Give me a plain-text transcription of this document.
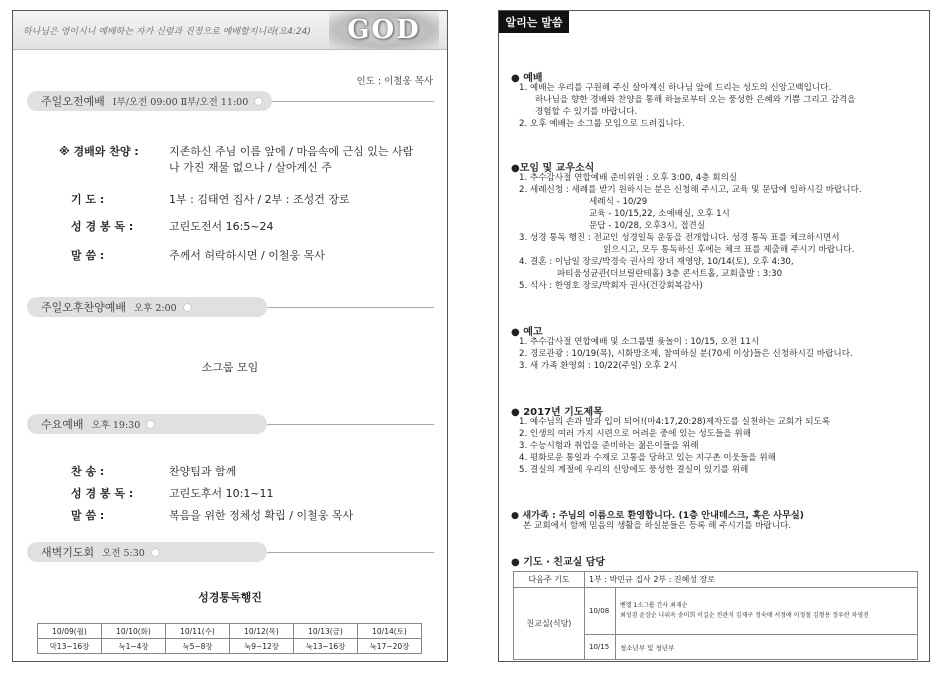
하나님은 영이시니 예배하는 자가 신령과 진정으로 예배할지니라(요4:24)	GOD
인도 : 이철웅 목사
주일오전예배 Ⅰ부/오전 09:00 Ⅱ부/오전 11:00
※ 경배와 찬양 :	지존하신 주님 이름 앞에 / 마음속에 근심 있는 사람
나 가진 재물 없으나 / 살아계신 주
기 도 :	1부 : 김태연 집사 / 2부 : 조성건 장로
성 경 봉 독 :	고린도전서 16:5~24
말 씀 :	주께서 허락하시면 / 이철웅 목사
주일오후찬양예배 오후 2:00
소그룹 모임
수요예배 오후 19:30
찬 송 :	찬양팀과 함께
성 경 봉 독 :	고린도후서 10:1~11
말 씀 :	복음을 위한 정체성 확립 / 이철웅 목사
새벽기도회 오전 5:30
성경통독행진
10/09(월)	10/10(화)	10/11(수)	10/12(목)	10/13(금)	10/14(토)
막13~16장	눅1~4장	눅5~8장	눅9~12장	눅13~16장	눅17~20장
알리는 말씀
● 예배
1. 예배는 우리를 구원해 주신 살아계신 하나님 앞에 드리는 성도의 신앙고백입니다.
하나님을 향한 경배와 찬양을 통해 하늘로부터 오는 풍성한 은혜와 기쁨 그리고 감격을
경험할 수 있기를 바랍니다.
2. 오후 예배는 소그룹 모임으로 드려집니다.
●모임 및 교우소식
1. 추수감사절 연합예배 준비위원 : 오후 3:00, 4층 회의실
2. 세례신청 : 세례를 받기 원하시는 분은 신청해 주시고, 교육 및 문답에 임하시길 바랍니다.
세례식 - 10/29
교육 - 10/15,22, 소예배실, 오후 1시
문답 - 10/28, 오후3시, 접견실
3. 성경 통독 행진 : 전교인 성경일독 운동을 전개합니다. 성경 통독 표를 체크하시면서
읽으시고, 모두 통독하신 후에는 체크 표를 제출해 주시기 바랍니다.
4. 결혼 : 이남일 장로/박경숙 권사의 장녀 재영양, 10/14(토), 오후 4:30,
파티움성균관(더브릴란테홀) 3층 콘서트홀, 교회출발 : 3:30
5. 식사 : 한영호 장로/박회자 권사(건강회복감사)
● 예고
1. 추수감사절 연합예배 및 소그룹별 윷놀이 : 10/15, 오전 11시
2. 경로관광 : 10/19(목), 시화방조제, 참여하실 분(70세 이상)들은 신청하시길 바랍니다.
3. 새 가족 환영회 : 10/22(주일) 오후 2시
● 2017년 기도제목
1. 예수님의 손과 발과 입이 되어!(마4:17,20:28)제자도를 실천하는 교회가 되도록
2. 인생의 여러 가지 시련으로 어려운 중에 있는 성도들을 위해
3. 수능시험과 취업을 준비하는 젊은이들을 위해
4. 평화로운 통일과 수재로 고통을 당하고 있는 지구촌 이웃들을 위해
5. 결실의 계절에 우리의 신앙에도 풍성한 결실이 있기를 위해
● 새가족 : 주님의 이름으로 환영합니다. (1층 안내데스크, 혹은 사무실)
본 교회에서 함께 믿음의 생활을 하실분들은 등록 해 주시기를 바랍니다.
● 기도 · 친교실 담당
다음주 기도	1부 : 박민규 집사 2부 : 진혜성 장로	
친교실(식당)	10/08	벧엘 1소그룹 간사 최재순
최성겸 윤상순 나위옥 송미희 이길순 전관식 김재구 정숙애 서정애 이정철 김형용 정우란 차영진

	10/15	청소년부 및 청년부
